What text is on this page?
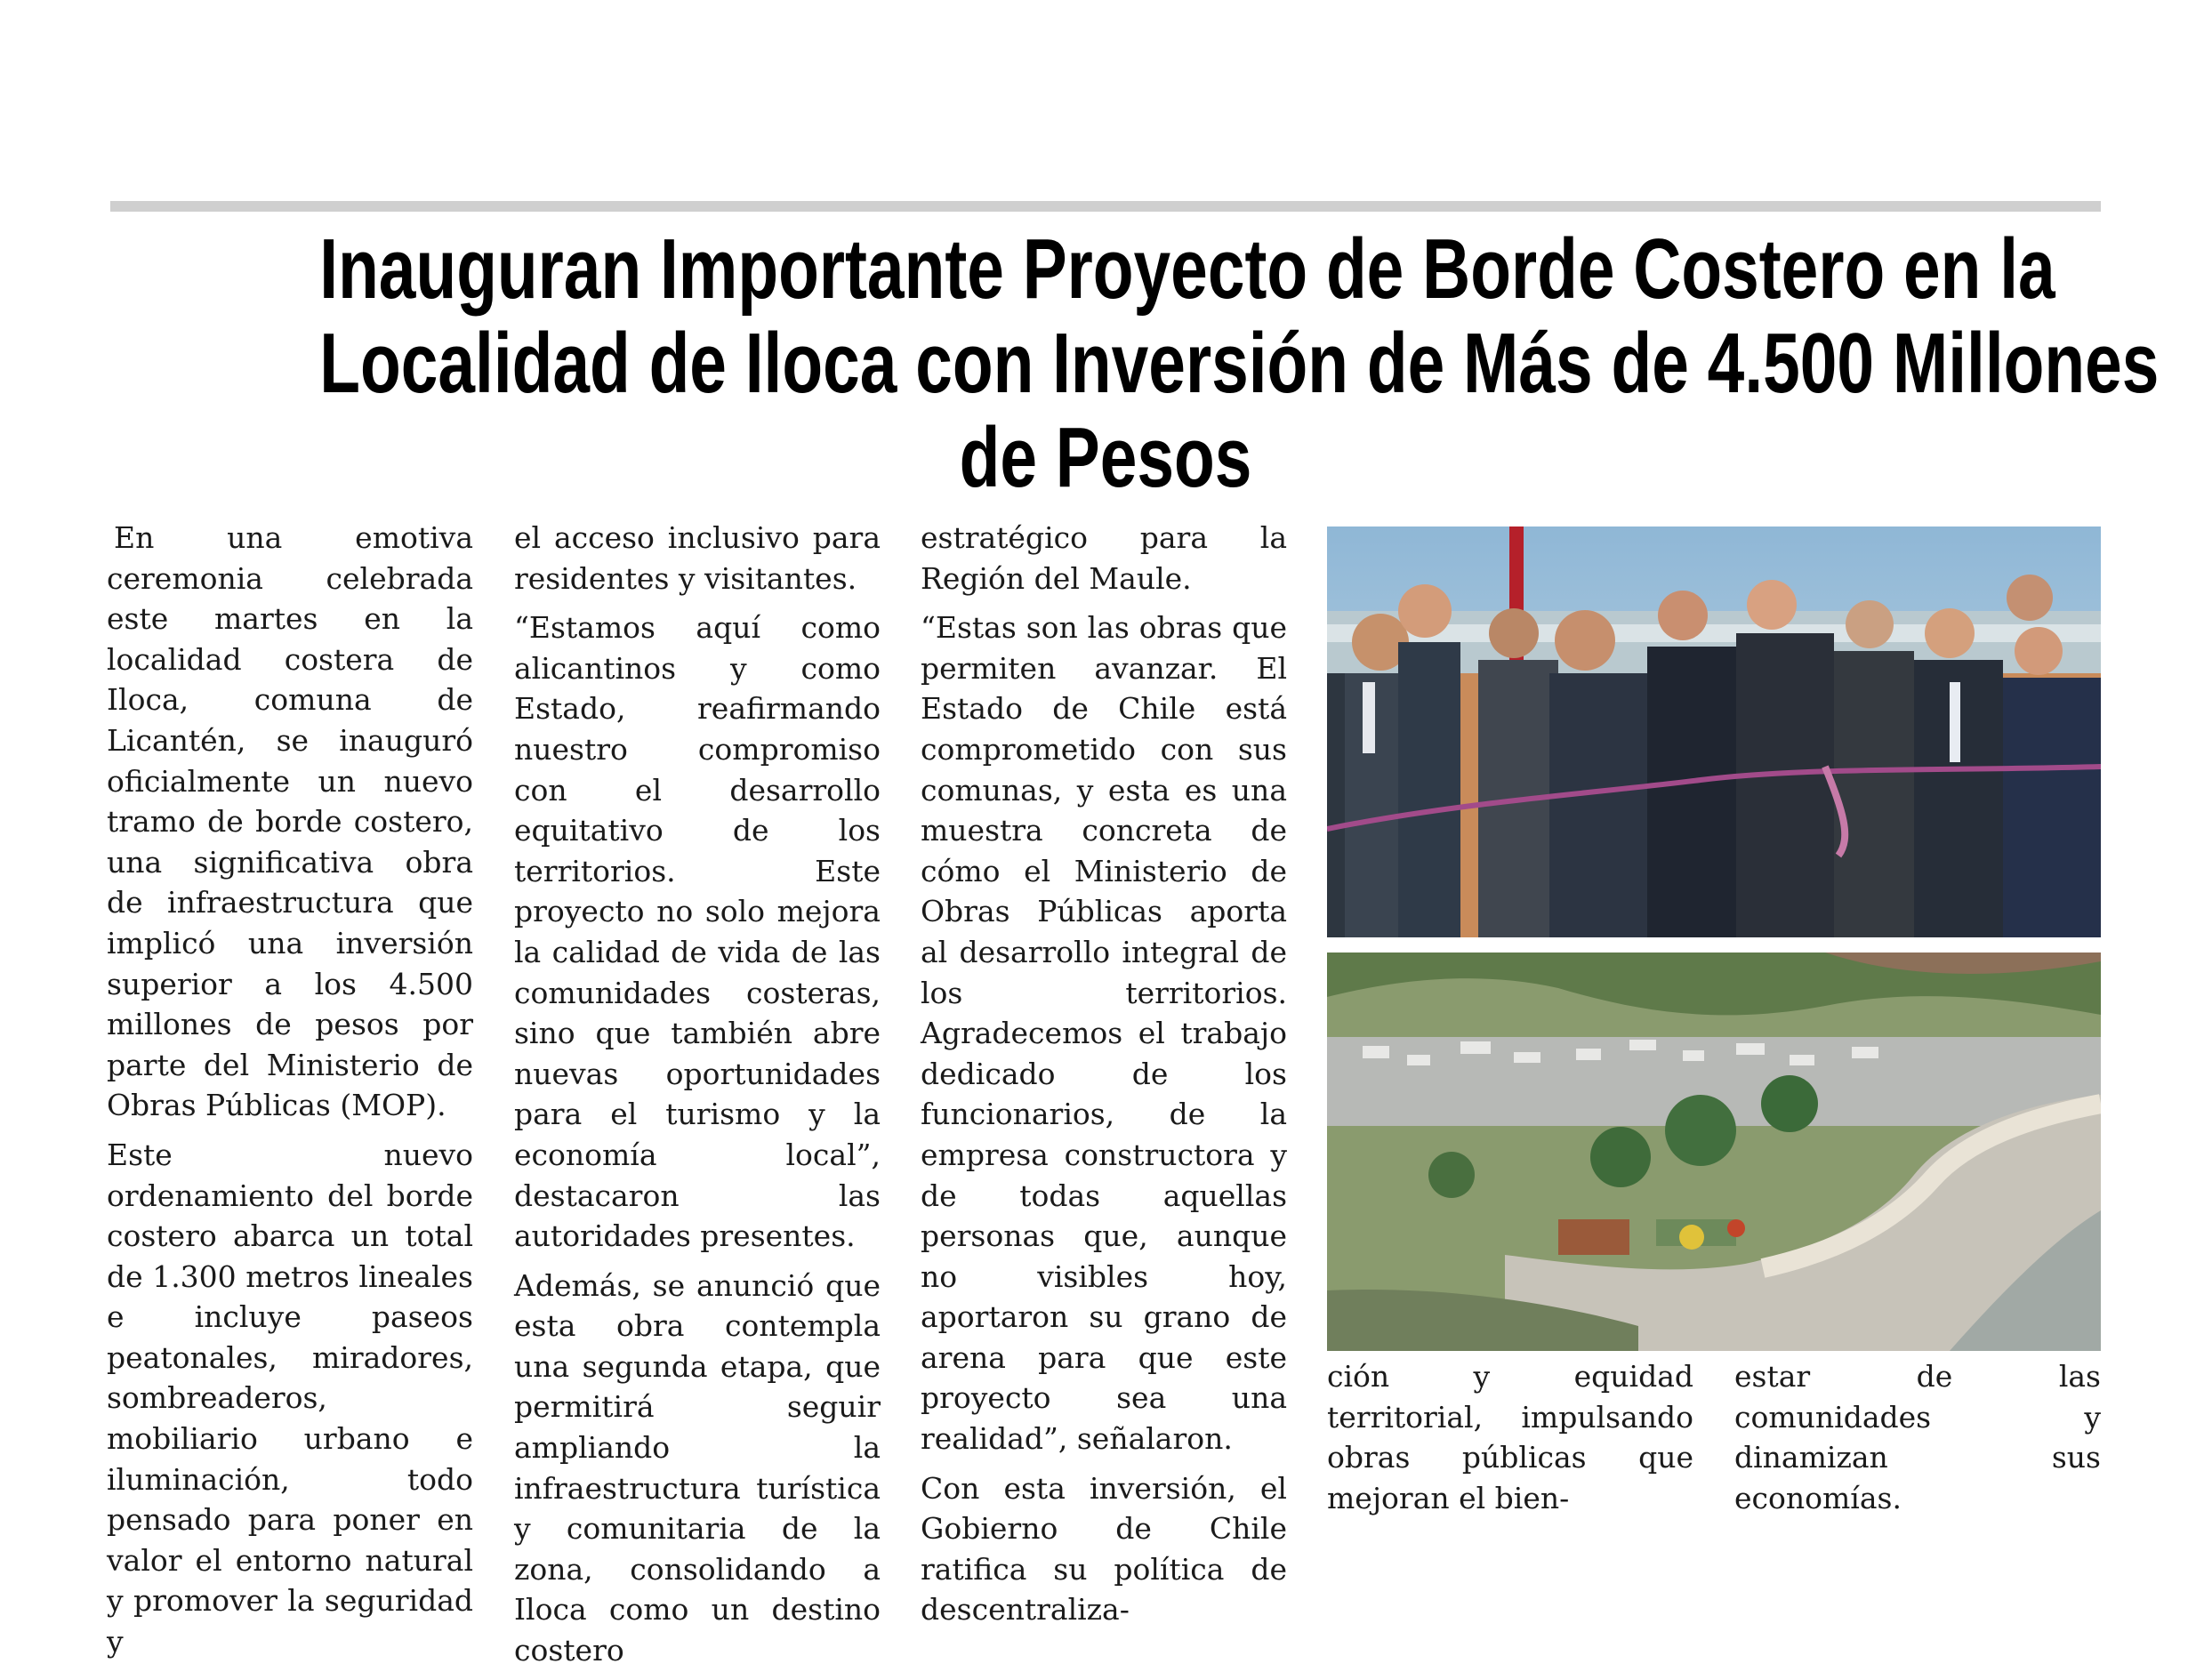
Inauguran Importante Proyecto de Borde Costero en la
Localidad de Iloca con Inversión de Más de 4.500 Millones
de Pesos

En una emotiva ceremonia celebrada este martes en la localidad costera de Iloca, comuna de Licantén, se inauguró oficialmente un nuevo tramo de borde costero, una significativa obra de infraestructura que implicó una inversión superior a los 4.500 millones de pesos por parte del Ministerio de Obras Públicas (MOP).

Este nuevo ordenamiento del borde costero abarca un total de 1.300 metros lineales e incluye paseos peatonales, miradores, sombreaderos, mobiliario urbano e iluminación, todo pensado para poner en valor el entorno natural y promover la seguridad y

el acceso inclusivo para residentes y visitantes.

“Estamos aquí como alicantinos y como Estado, reafirmando nuestro compromiso con el desarrollo equitativo de los territorios. Este proyecto no solo mejora la calidad de vida de las comunidades costeras, sino que también abre nuevas oportunidades para el turismo y la economía local”, destacaron las autoridades presentes.

Además, se anunció que esta obra contempla una segunda etapa, que permitirá seguir ampliando la infraestructura turística y comunitaria de la zona, consolidando a Iloca como un destino costero

estratégico para la Región del Maule.

“Estas son las obras que permiten avanzar. El Estado de Chile está comprometido con sus comunas, y esta es una muestra concreta de cómo el Ministerio de Obras Públicas aporta al desarrollo integral de los territorios. Agradecemos el trabajo dedicado de los funcionarios, de la empresa constructora y de todas aquellas personas que, aunque no visibles hoy, aportaron su grano de arena para que este proyecto sea una realidad”, señalaron.

Con esta inversión, el Gobierno de Chile ratifica su política de descentraliza-

ción y equidad territorial, impulsando obras públicas que mejoran el bien-

estar de las comunidades y dinamizan sus economías.
